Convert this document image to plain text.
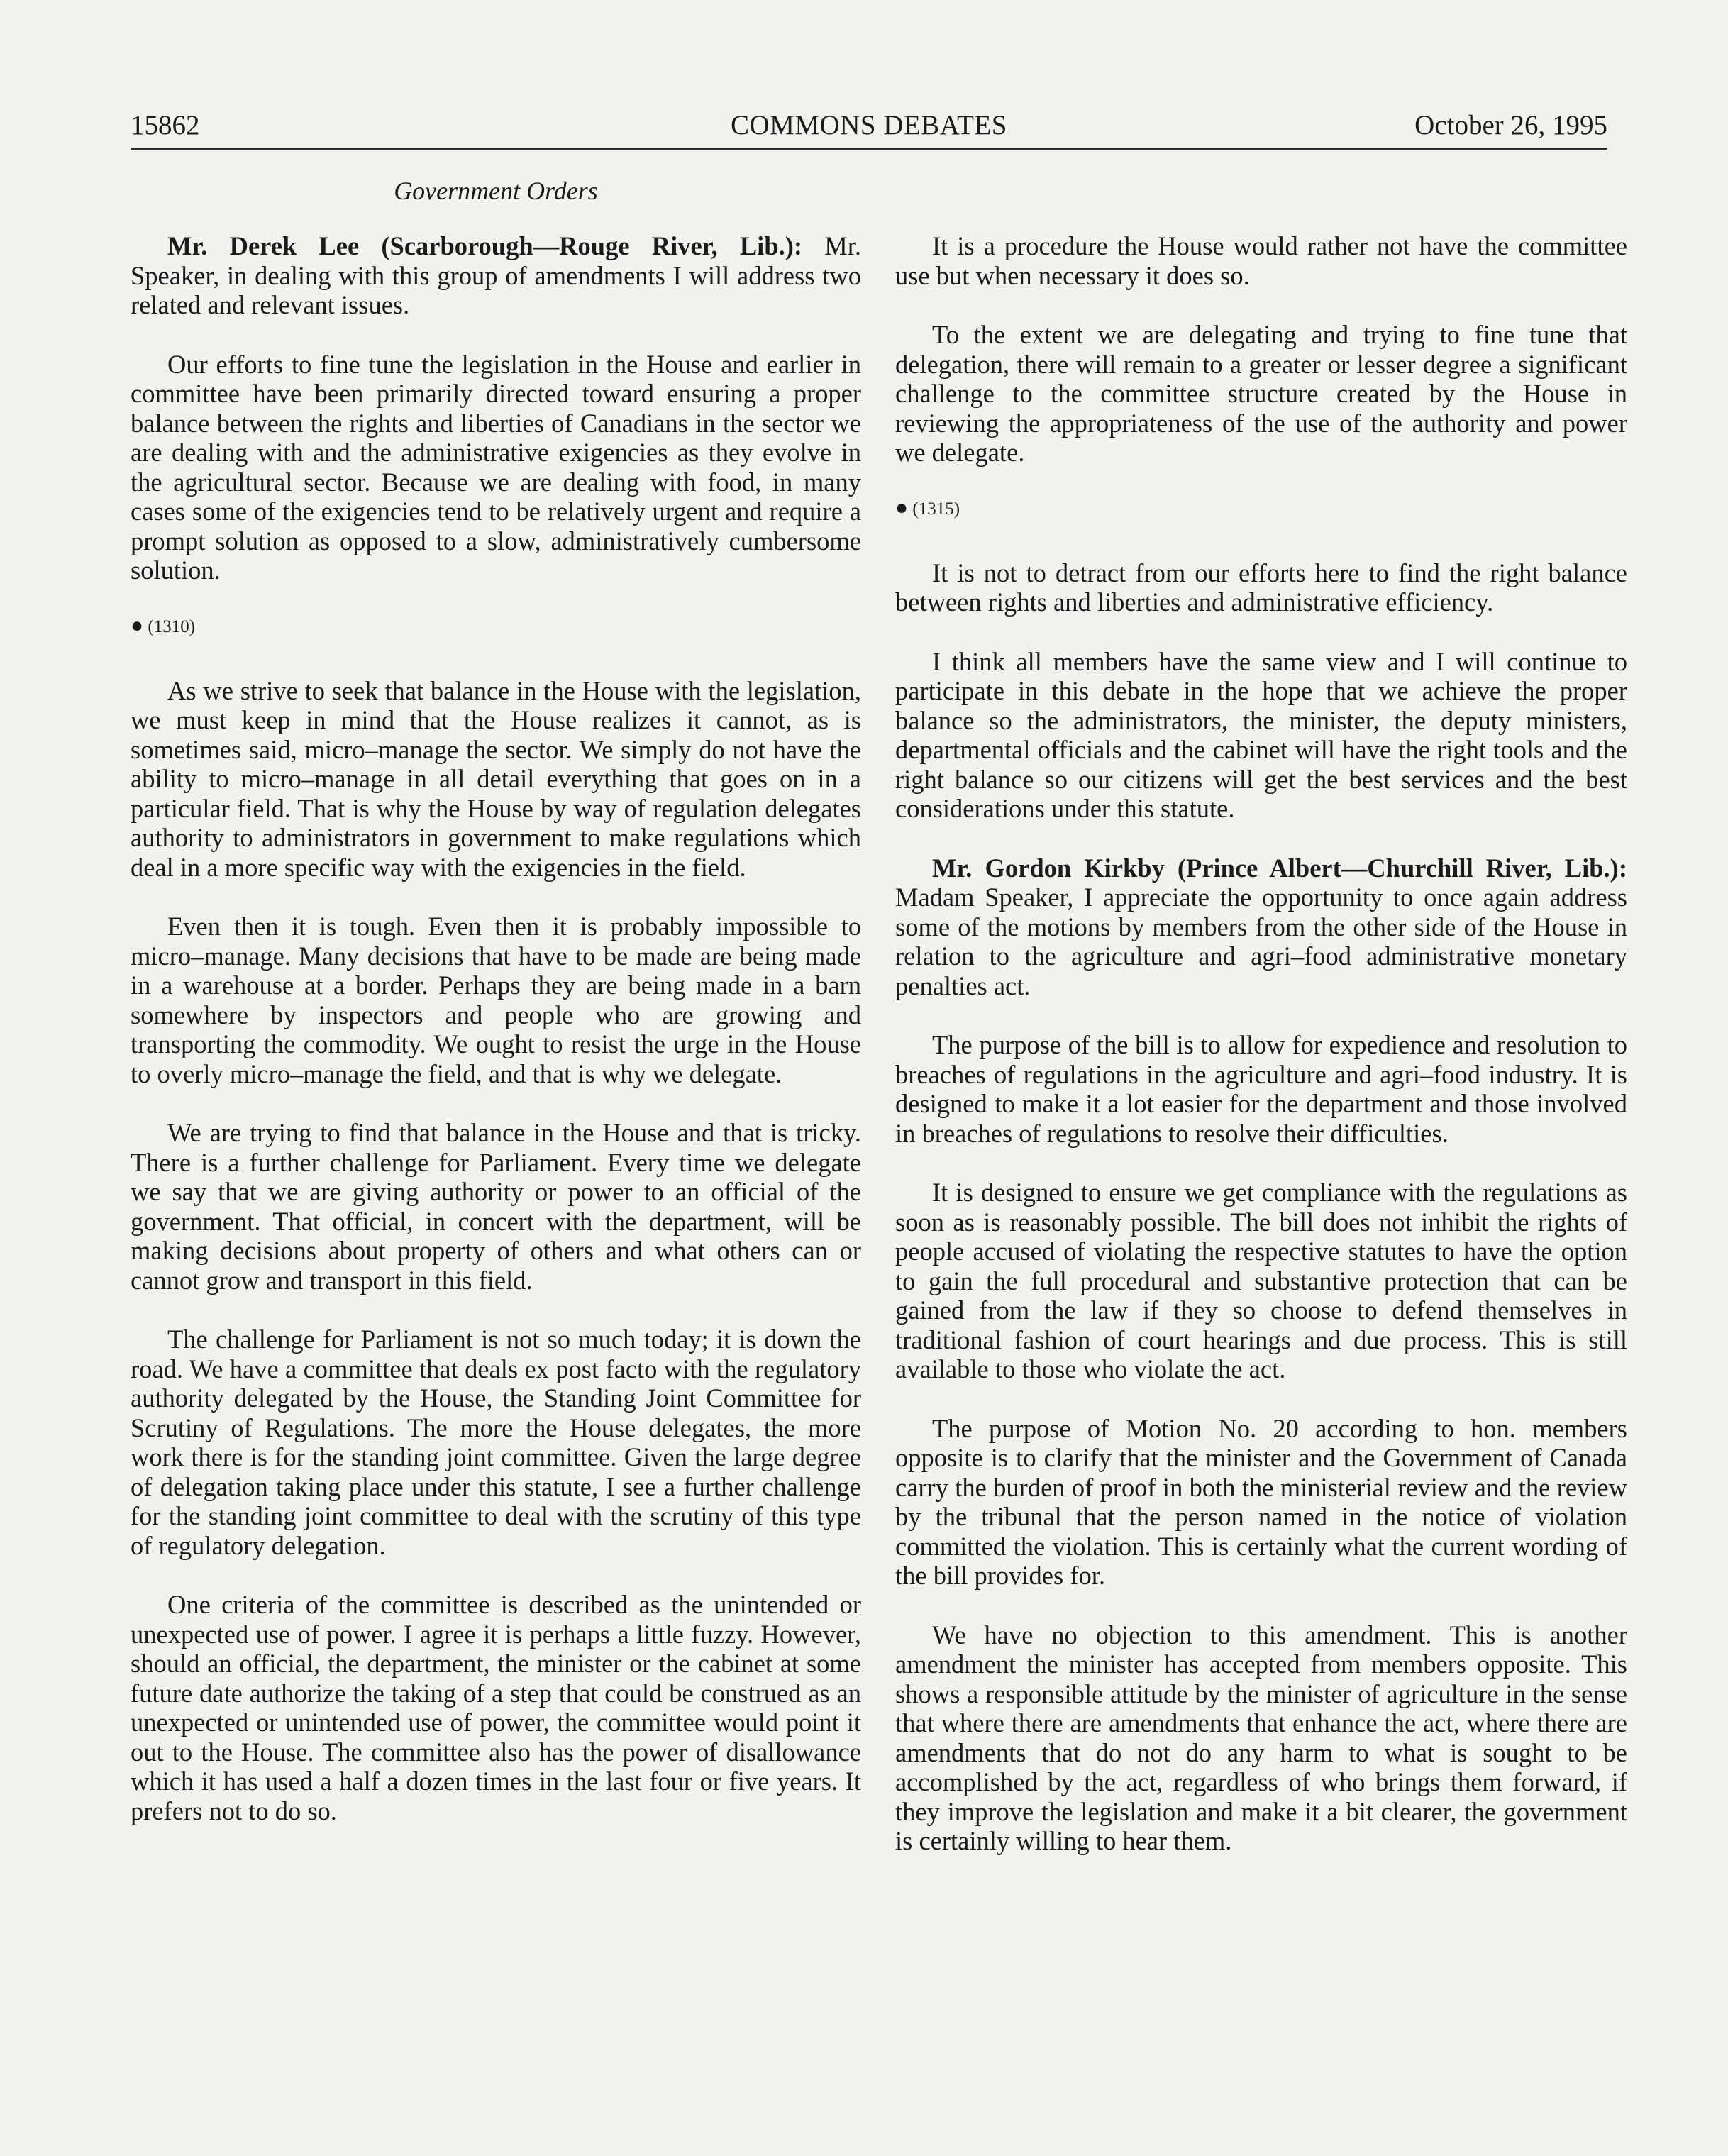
15862	COMMONS DEBATES	October 26, 1995
Government Orders

Mr. Derek Lee (Scarborough—Rouge River, Lib.): Mr. Speaker, in dealing with this group of amendments I will address two related and relevant issues.

Our efforts to fine tune the legislation in the House and earlier in committee have been primarily directed toward ensuring a proper balance between the rights and liberties of Canadians in the sector we are dealing with and the administrative exigencies as they evolve in the agricultural sector. Because we are dealing with food, in many cases some of the exigencies tend to be relatively urgent and require a prompt solution as opposed to a slow, administratively cumbersome solution.

● (1310)

As we strive to seek that balance in the House with the legislation, we must keep in mind that the House realizes it cannot, as is sometimes said, micro–manage the sector. We simply do not have the ability to micro–manage in all detail everything that goes on in a particular field. That is why the House by way of regulation delegates authority to administrators in government to make regulations which deal in a more specific way with the exigencies in the field.

Even then it is tough. Even then it is probably impossible to micro–manage. Many decisions that have to be made are being made in a warehouse at a border. Perhaps they are being made in a barn somewhere by inspectors and people who are growing and transporting the commodity. We ought to resist the urge in the House to overly micro–manage the field, and that is why we delegate.

We are trying to find that balance in the House and that is tricky. There is a further challenge for Parliament. Every time we delegate we say that we are giving authority or power to an official of the government. That official, in concert with the department, will be making decisions about property of others and what others can or cannot grow and transport in this field.

The challenge for Parliament is not so much today; it is down the road. We have a committee that deals ex post facto with the regulatory authority delegated by the House, the Standing Joint Committee for Scrutiny of Regulations. The more the House delegates, the more work there is for the standing joint committee. Given the large degree of delegation taking place under this statute, I see a further challenge for the standing joint committee to deal with the scrutiny of this type of regulatory delegation.

One criteria of the committee is described as the unintended or unexpected use of power. I agree it is perhaps a little fuzzy. However, should an official, the department, the minister or the cabinet at some future date authorize the taking of a step that could be construed as an unexpected or unintended use of power, the committee would point it out to the House. The committee also has the power of disallowance which it has used a half a dozen times in the last four or five years. It prefers not to do so.

It is a procedure the House would rather not have the committee use but when necessary it does so.

To the extent we are delegating and trying to fine tune that delegation, there will remain to a greater or lesser degree a significant challenge to the committee structure created by the House in reviewing the appropriateness of the use of the authority and power we delegate.

● (1315)

It is not to detract from our efforts here to find the right balance between rights and liberties and administrative efficiency.

I think all members have the same view and I will continue to participate in this debate in the hope that we achieve the proper balance so the administrators, the minister, the deputy ministers, departmental officials and the cabinet will have the right tools and the right balance so our citizens will get the best services and the best considerations under this statute.

Mr. Gordon Kirkby (Prince Albert—Churchill River, Lib.): Madam Speaker, I appreciate the opportunity to once again address some of the motions by members from the other side of the House in relation to the agriculture and agri–food administrative monetary penalties act.

The purpose of the bill is to allow for expedience and resolution to breaches of regulations in the agriculture and agri–food industry. It is designed to make it a lot easier for the department and those involved in breaches of regulations to resolve their difficulties.

It is designed to ensure we get compliance with the regulations as soon as is reasonably possible. The bill does not inhibit the rights of people accused of violating the respective statutes to have the option to gain the full procedural and substantive protection that can be gained from the law if they so choose to defend themselves in traditional fashion of court hearings and due process. This is still available to those who violate the act.

The purpose of Motion No. 20 according to hon. members opposite is to clarify that the minister and the Government of Canada carry the burden of proof in both the ministerial review and the review by the tribunal that the person named in the notice of violation committed the violation. This is certainly what the current wording of the bill provides for.

We have no objection to this amendment. This is another amendment the minister has accepted from members opposite. This shows a responsible attitude by the minister of agriculture in the sense that where there are amendments that enhance the act, where there are amendments that do not do any harm to what is sought to be accomplished by the act, regardless of who brings them forward, if they improve the legislation and make it a bit clearer, the government is certainly willing to hear them.
